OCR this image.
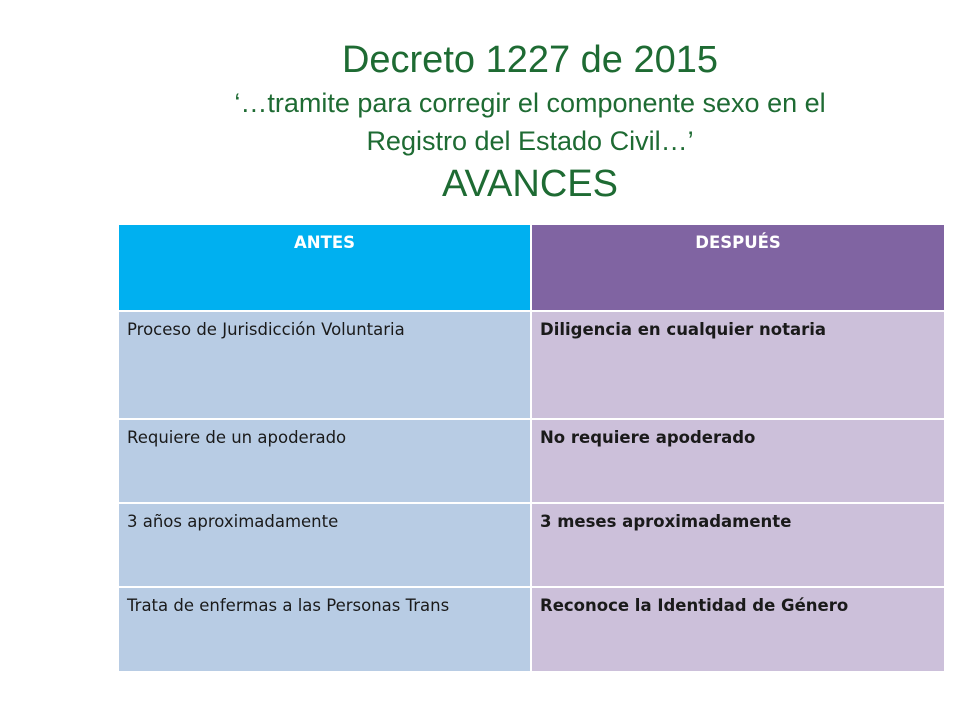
Decreto 1227 de 2015

‘…tramite para corregir el componente sexo en el

Registro del Estado Civil…’

AVANCES

ANTES	DESPUÉS
Proceso de Jurisdicción Voluntaria	Diligencia en cualquier notaria
Requiere de un apoderado	No requiere apoderado
3 años aproximadamente	3 meses aproximadamente
Trata de enfermas a las Personas Trans	Reconoce la Identidad de Género
